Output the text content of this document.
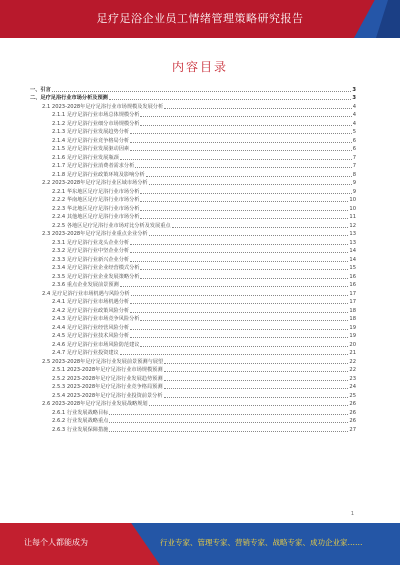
足疗足浴企业员工情绪管理策略研究报告
内容目录
一、引言	3
二、足疗足浴行业市场分析及预测	3
2.1 2023-2028年足疗足浴行业市场规模及发展分析	4
2.1.1 足疗足浴行业市场总体规模分析	4
2.1.2 足疗足浴行业细分市场规模分析	4
2.1.3 足疗足浴行业发展趋势分析	5
2.1.4 足疗足浴行业竞争格局分析	6
2.1.5 足疗足浴行业发展驱动因素	6
2.1.6 足疗足浴行业发展瓶颈	7
2.1.7 足疗足浴行业消费者需求分析	7
2.1.8 足疗足浴行业政策环境及影响分析	8
2.2 2023-2028年足疗足浴行业区域市场分析	9
2.2.1 华东地区足疗足浴行业市场分析	9
2.2.2 华南地区足疗足浴行业市场分析	10
2.2.3 华北地区足疗足浴行业市场分析	10
2.2.4 其他地区足疗足浴行业市场分析	11
2.2.5 各地区足疗足浴行业市场对比分析及发展重点	12
2.3 2023-2028年足疗足浴行业重点企业分析	13
2.3.1 足疗足浴行业龙头企业分析	13
2.3.2 足疗足浴行业中坚企业分析	14
2.3.3 足疗足浴行业新兴企业分析	14
2.3.4 足疗足浴行业企业经营模式分析	15
2.3.5 足疗足浴行业企业发展策略分析	16
2.3.6 重点企业发展前景预测	16
2.4 足疗足浴行业市场机遇与风险分析	17
2.4.1 足疗足浴行业市场机遇分析	17
2.4.2 足疗足浴行业政策风险分析	18
2.4.3 足疗足浴行业市场竞争风险分析	18
2.4.4 足疗足浴行业经营风险分析	19
2.4.5 足疗足浴行业技术风险分析	19
2.4.6 足疗足浴行业市场风险防范建议	20
2.4.7 足疗足浴行业投资建议	21
2.5 2023-2028年足疗足浴行业发展前景预测与展望	22
2.5.1 2023-2028年足疗足浴行业市场规模预测	22
2.5.2 2023-2028年足疗足浴行业发展趋势预测	23
2.5.3 2023-2028年足疗足浴行业竞争格局预测	24
2.5.4 2023-2028年足疗足浴行业投资前景分析	25
2.6 2023-2028年足疗足浴行业发展战略规划	26
2.6.1 行业发展战略目标	26
2.6.2 行业发展战略重点	26
2.6.3 行业发展保障措施	27
1
让每个人都能成为	行业专家、管理专家、营销专家、战略专家、成功企业家……
